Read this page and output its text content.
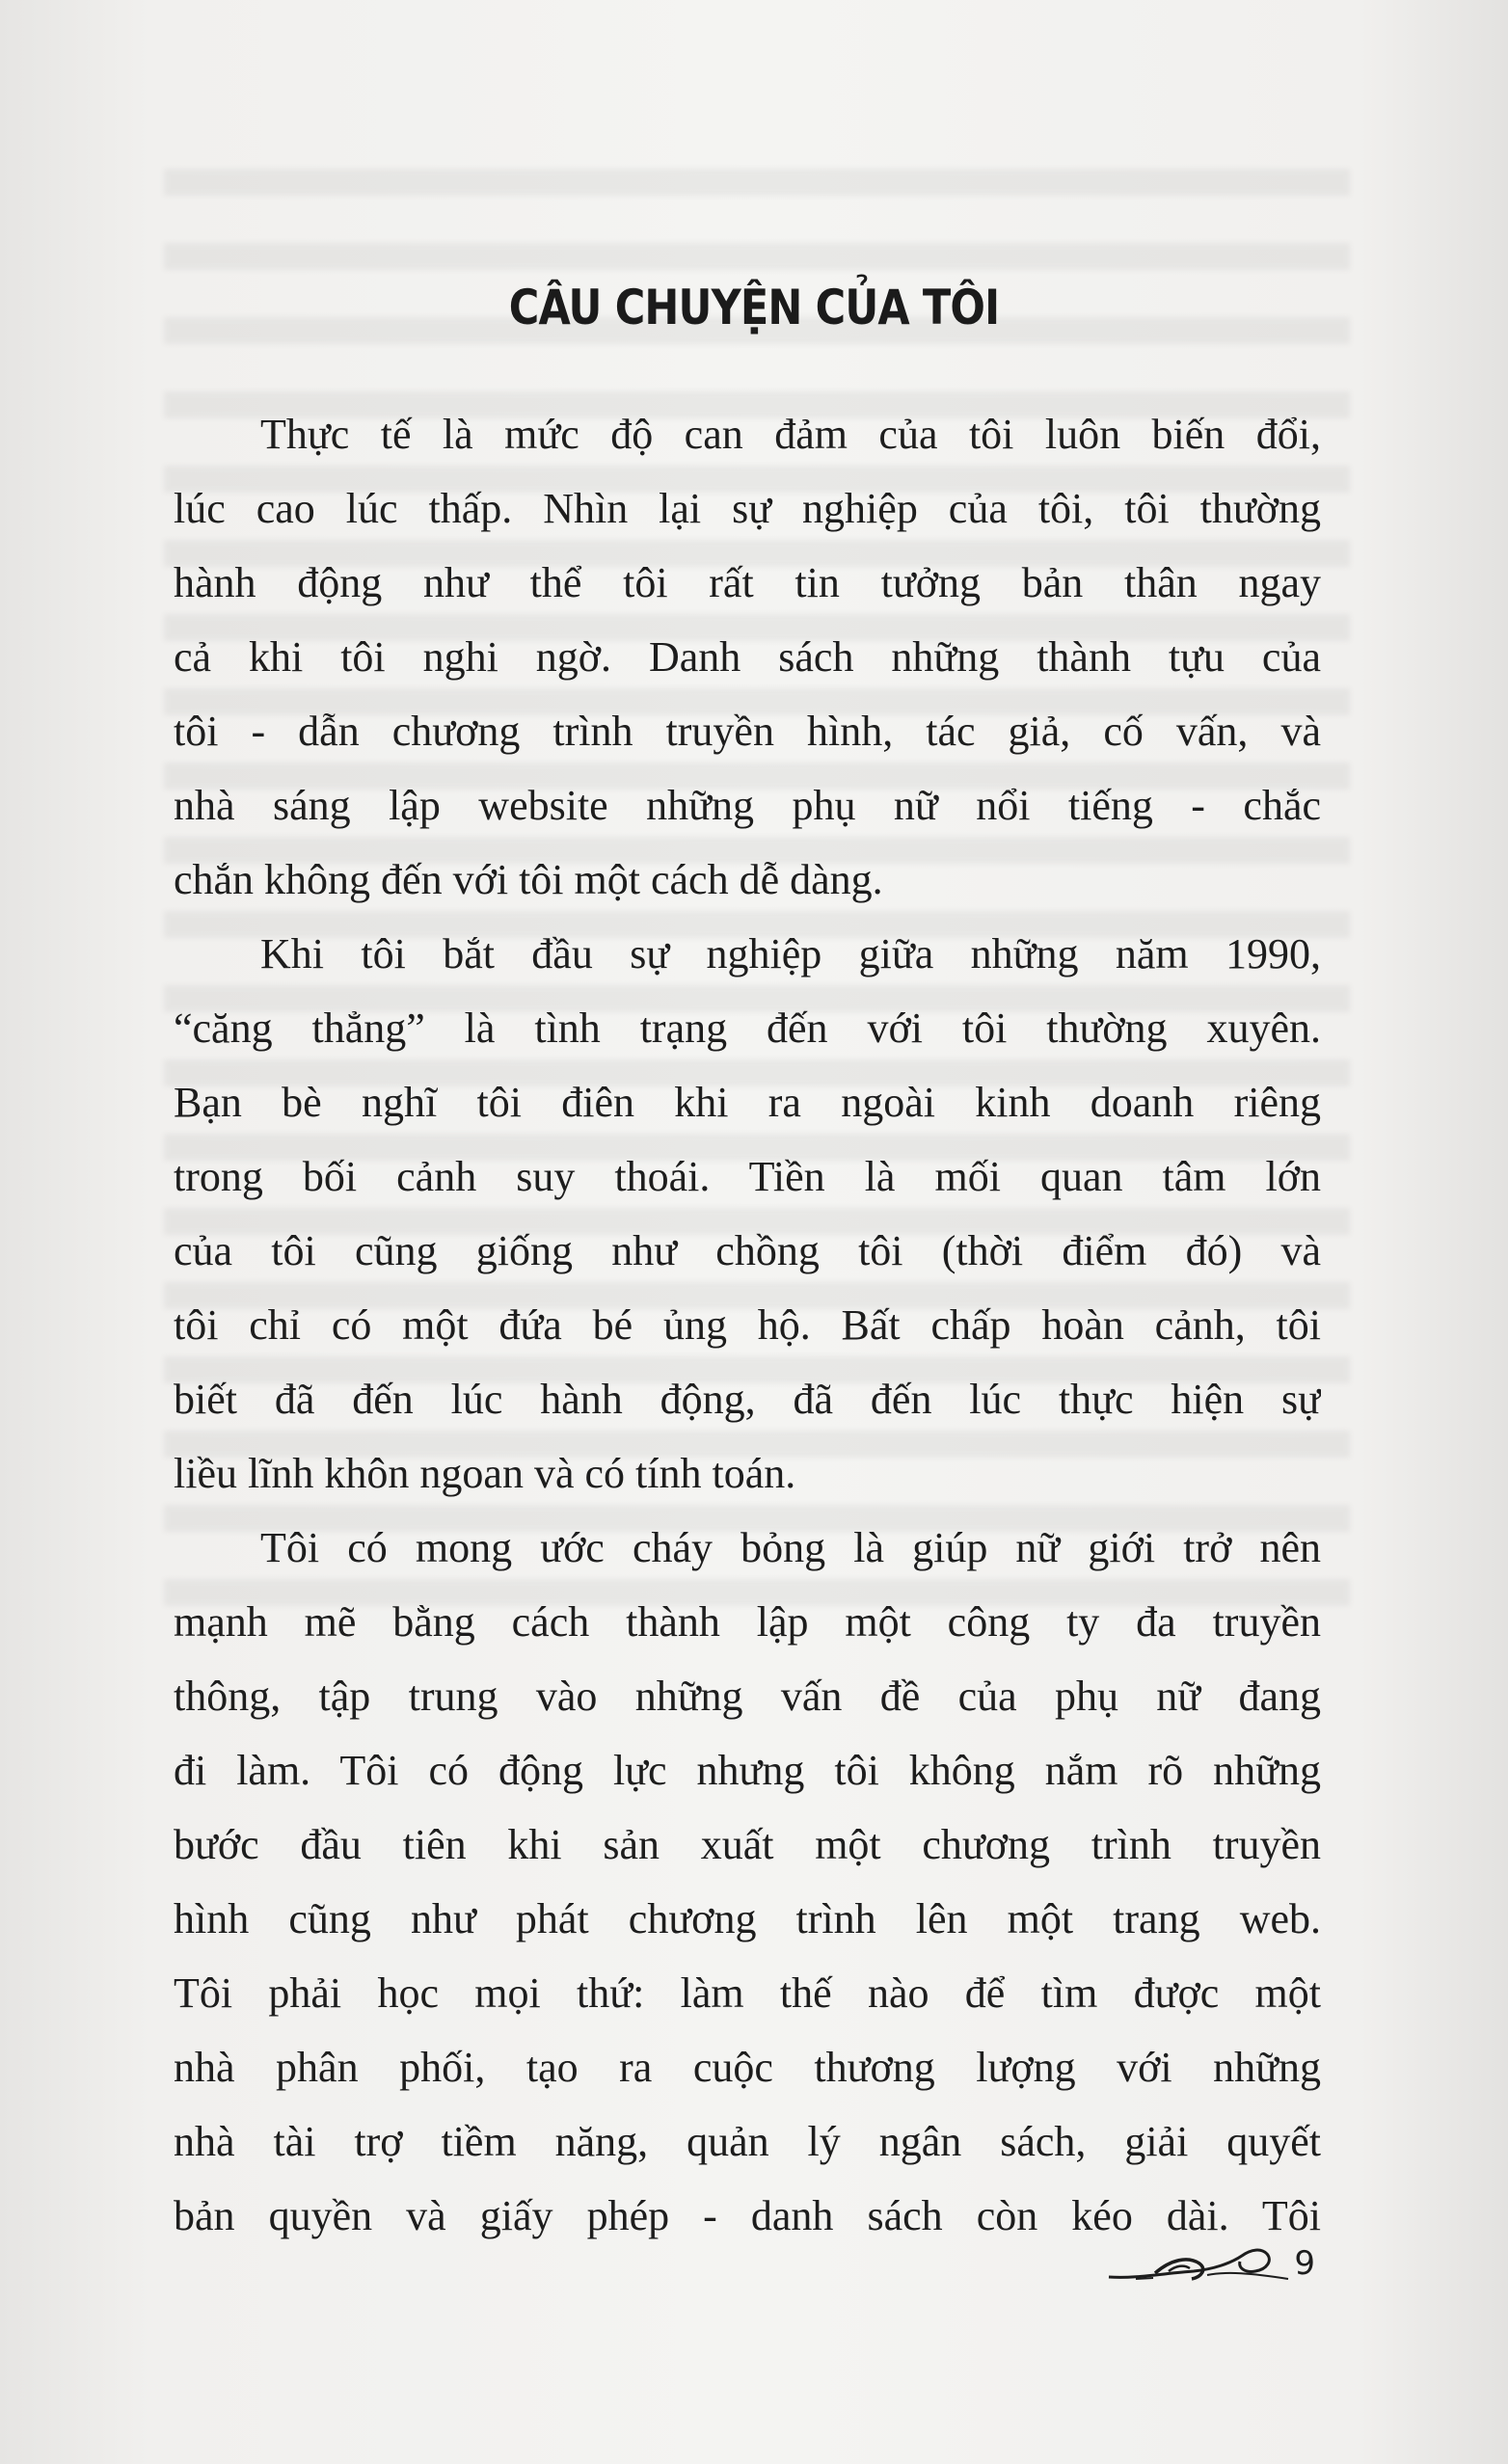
CÂU CHUYỆN CỦA TÔI

Thực tế là mức độ can đảm của tôi luôn biến đổi,
lúc cao lúc thấp. Nhìn lại sự nghiệp của tôi, tôi thường
hành động như thể tôi rất tin tưởng bản thân ngay
cả khi tôi nghi ngờ. Danh sách những thành tựu của
tôi - dẫn chương trình truyền hình, tác giả, cố vấn, và
nhà sáng lập website những phụ nữ nổi tiếng - chắc
chắn không đến với tôi một cách dễ dàng.

Khi tôi bắt đầu sự nghiệp giữa những năm 1990,
“căng thẳng” là tình trạng đến với tôi thường xuyên.
Bạn bè nghĩ tôi điên khi ra ngoài kinh doanh riêng
trong bối cảnh suy thoái. Tiền là mối quan tâm lớn
của tôi cũng giống như chồng tôi (thời điểm đó) và
tôi chỉ có một đứa bé ủng hộ. Bất chấp hoàn cảnh, tôi
biết đã đến lúc hành động, đã đến lúc thực hiện sự
liều lĩnh khôn ngoan và có tính toán.

Tôi có mong ước cháy bỏng là giúp nữ giới trở nên
mạnh mẽ bằng cách thành lập một công ty đa truyền
thông, tập trung vào những vấn đề của phụ nữ đang
đi làm. Tôi có động lực nhưng tôi không nắm rõ những
bước đầu tiên khi sản xuất một chương trình truyền
hình cũng như phát chương trình lên một trang web.
Tôi phải học mọi thứ: làm thế nào để tìm được một
nhà phân phối, tạo ra cuộc thương lượng với những
nhà tài trợ tiềm năng, quản lý ngân sách, giải quyết
bản quyền và giấy phép - danh sách còn kéo dài. Tôi

9
